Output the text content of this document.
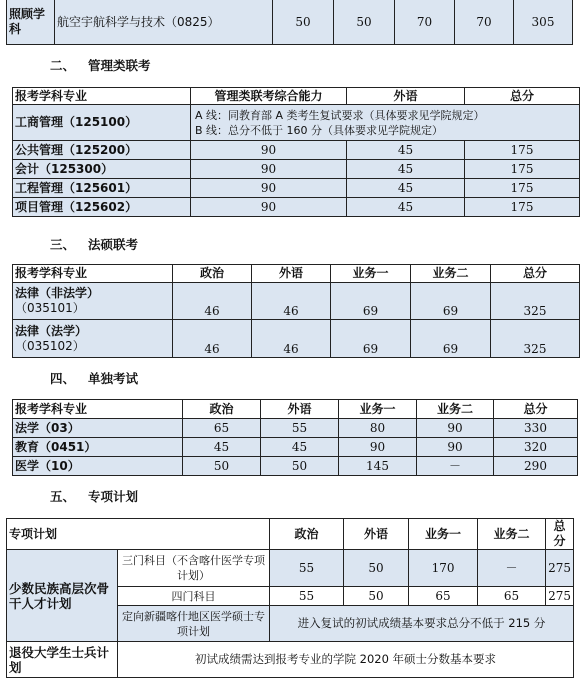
照顾学科	航空宇航科学与技术（0825）	50	50	70	70	305
二、 管理类联考
报考学科专业	管理类联考综合能力	外语	总分
工商管理（125100）	A 线：同教育部 A 类考生复试要求（具体要求见学院规定）
B 线：总分不低于 160 分（具体要求见学院规定）		

公共管理（125200）	90	45	175
会计（125300）	90	45	175
工程管理（125601）	90	45	175
项目管理（125602）	90	45	175
三、 法硕联考
报考学科专业	政治	外语	业务一	业务二	总分

法律（非法学）
（035101）	46	46	69	69	325

法律（法学）
（035102）	46	46	69	69	325
四、 单独考试
报考学科专业	政治	外语	业务一	业务二	总分
法学（03）	65	55	80	90	330
教育（0451）	45	45	90	90	320
医学（10）	50	50	145	－	290
五、 专项计划
专项计划		政治	外语	业务一	业务二	总分
少数民族高层次骨干人才计划	三门科目（不含喀什医学专项计划）	55	50	170	－	275
	四门科目	55	50	65	65	275
	定向新疆喀什地区医学硕士专项计划	进入复试的初试成绩基本要求总分不低于 215 分				
退役大学生士兵计划	初试成绩需达到报考专业的学院 2020 年硕士分数基本要求					
